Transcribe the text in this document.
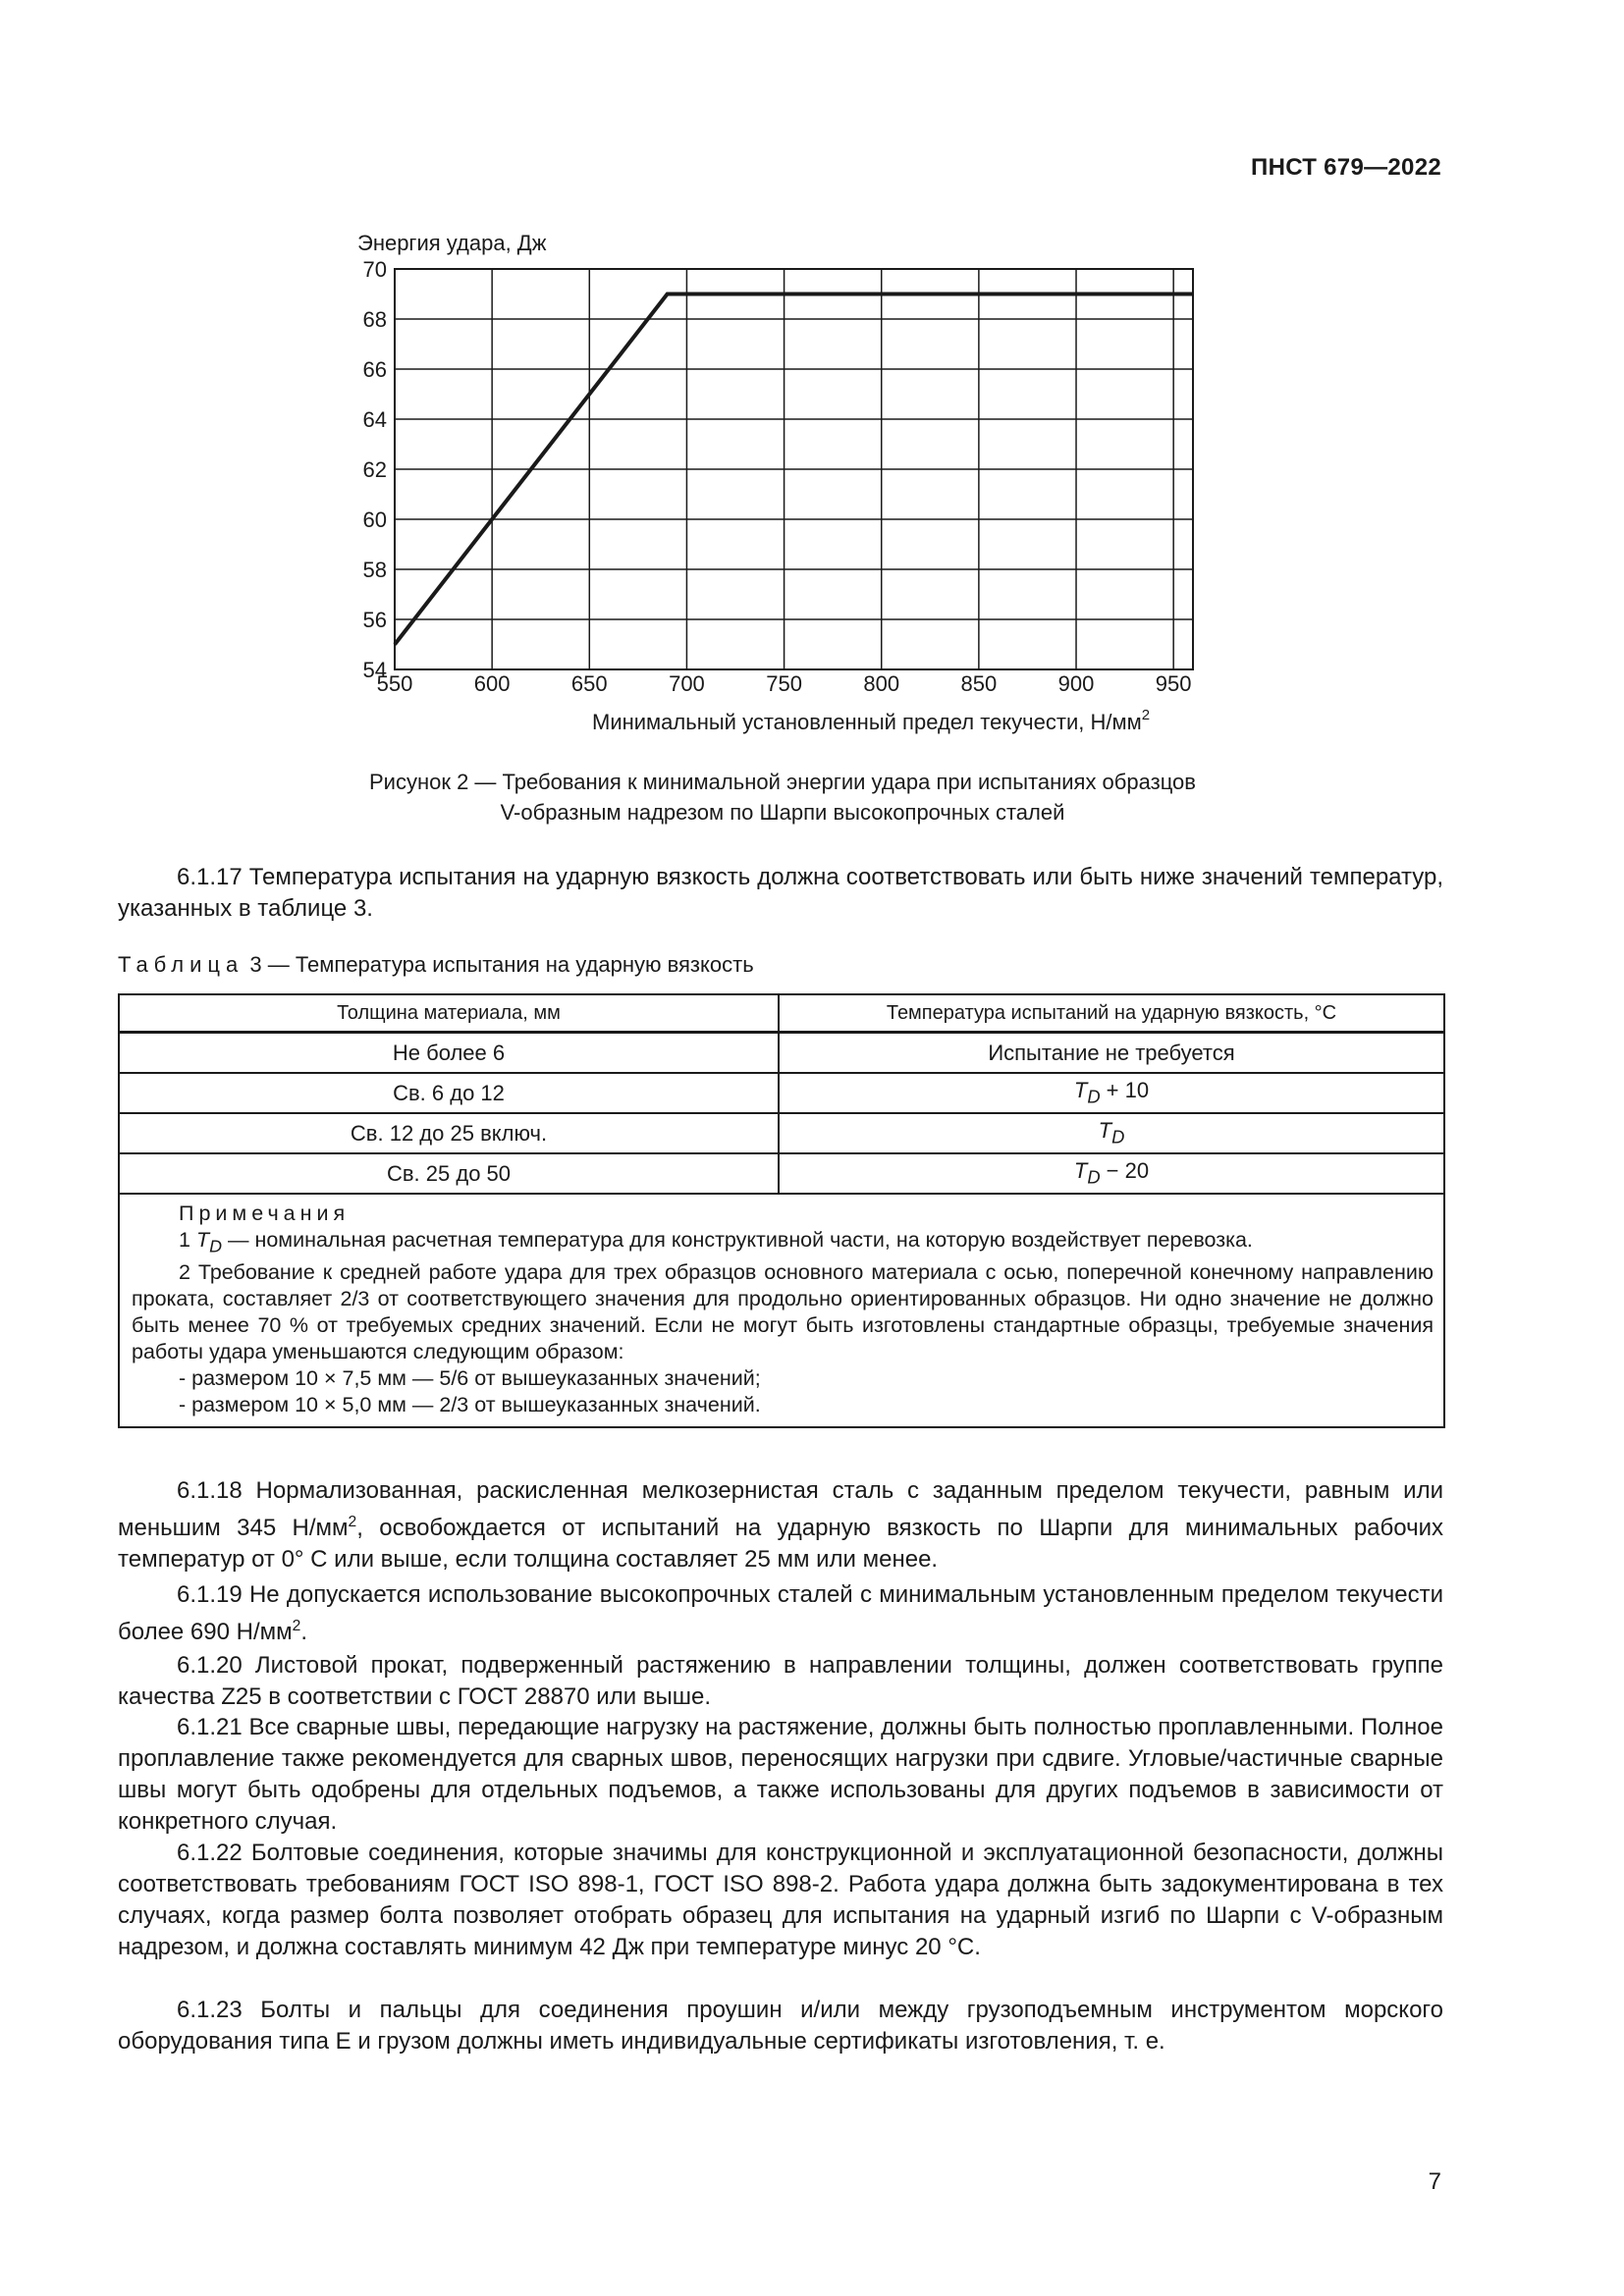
ПНСТ 679—2022
54
56
58
60
62
64
66
68
70
550	600	650	700	750	800	850	900	950
Энергия удара, Дж
Минимальный установленный предел текучести, $Н/мм^2$
Рисунок 2 — Требования к минимальной энергии удара при испытаниях образцов
V-образным надрезом по Шарпи высокопрочных сталей
6.1.17 Температура испытания на ударную вязкость должна соответствовать или быть ниже значений температур, указанных в таблице 3.
Таблица 3 — Температура испытания на ударную вязкость
Толщина материала, мм	Температура испытаний на ударную вязкость, °C
Не более 6	Испытание не требуется
Св. 6 до 12	$T_D + 10$
Св. 12 до 25 включ.	$T_D$
Св. 25 до 50	$T_D - 20$

Примечания
1 $T_D$ — номинальная расчетная температура для конструктивной части, на которую воздействует перевозка.
2 Требование к средней работе удара для трех образцов основного материала с осью, поперечной конечному направлению проката, составляет 2/3 от соответствующего значения для продольно ориентированных образцов. Ни одно значение не должно быть менее 70 % от требуемых средних значений. Если не могут быть изготовлены стандартные образцы, требуемые значения работы удара уменьшаются следующим образом:
- размером 10 × 7,5 мм — 5/6 от вышеуказанных значений;
- размером 10 × 5,0 мм — 2/3 от вышеуказанных значений.	
6.1.18 Нормализованная, раскисленная мелкозернистая сталь с заданным пределом текучести, равным или меньшим 345 $Н/мм^2$, освобождается от испытаний на ударную вязкость по Шарпи для минимальных рабочих температур от 0° С или выше, если толщина составляет 25 мм или менее.
6.1.19 Не допускается использование высокопрочных сталей с минимальным установленным пределом текучести более 690 $Н/мм^2$.
6.1.20 Листовой прокат, подверженный растяжению в направлении толщины, должен соответствовать группе качества Z25 в соответствии с ГОСТ 28870 или выше.
6.1.21 Все сварные швы, передающие нагрузку на растяжение, должны быть полностью проплавленными. Полное проплавление также рекомендуется для сварных швов, переносящих нагрузки при сдвиге. Угловые/частичные сварные швы могут быть одобрены для отдельных подъемов, а также использованы для других подъемов в зависимости от конкретного случая.
6.1.22 Болтовые соединения, которые значимы для конструкционной и эксплуатационной безопасности, должны соответствовать требованиям ГОСТ ISO 898-1, ГОСТ ISO 898-2. Работа удара должна быть задокументирована в тех случаях, когда размер болта позволяет отобрать образец для испытания на ударный изгиб по Шарпи с V-образным надрезом, и должна составлять минимум 42 Дж при температуре минус 20 °С.
6.1.23 Болты и пальцы для соединения проушин и/или между грузоподъемным инструментом морского оборудования типа Е и грузом должны иметь индивидуальные сертификаты изготовления, т. е.
7
